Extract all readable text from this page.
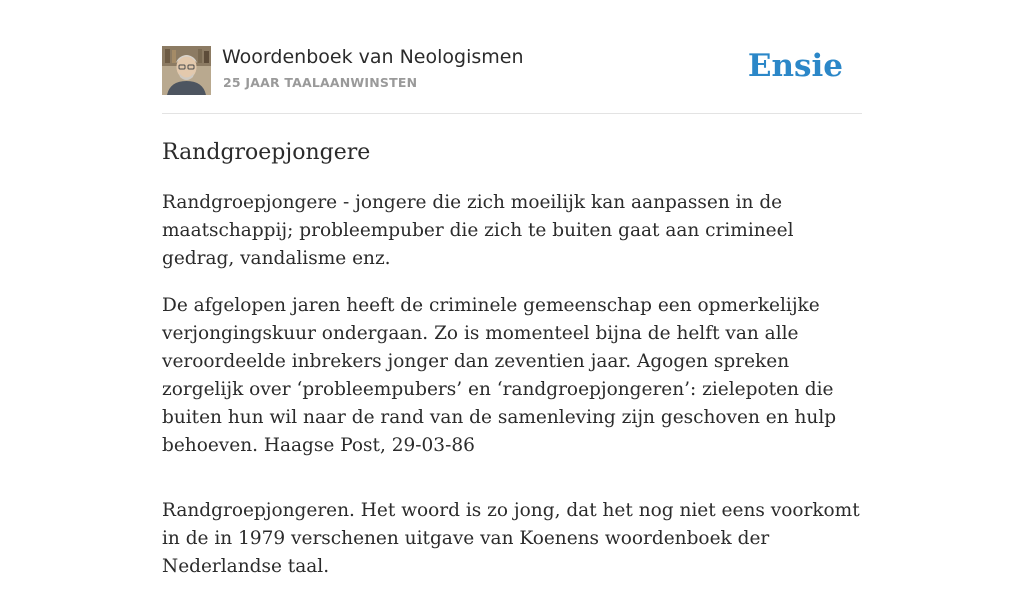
Woordenboek van Neologismen
25 JAAR TAALAANWINSTEN	Ensie
Randgroepjongere

Randgroepjongere - jongere die zich moeilijk kan aanpassen in de maatschappij; probleempuber die zich te buiten gaat aan crimineel gedrag, vandalisme enz.

De afgelopen jaren heeft de criminele gemeenschap een opmerkelijke verjongingskuur ondergaan. Zo is momenteel bijna de helft van alle veroordeelde inbrekers jonger dan zeventien jaar. Agogen spreken zorgelijk over ‘probleempubers’ en ‘randgroepjongeren’: zielepoten die buiten hun wil naar de rand van de samenleving zijn geschoven en hulp behoeven. Haagse Post, 29-03-86

Randgroepjongeren. Het woord is zo jong, dat het nog niet eens voorkomt in de in 1979 verschenen uitgave van Koenens woordenboek der Nederlandse taal.
